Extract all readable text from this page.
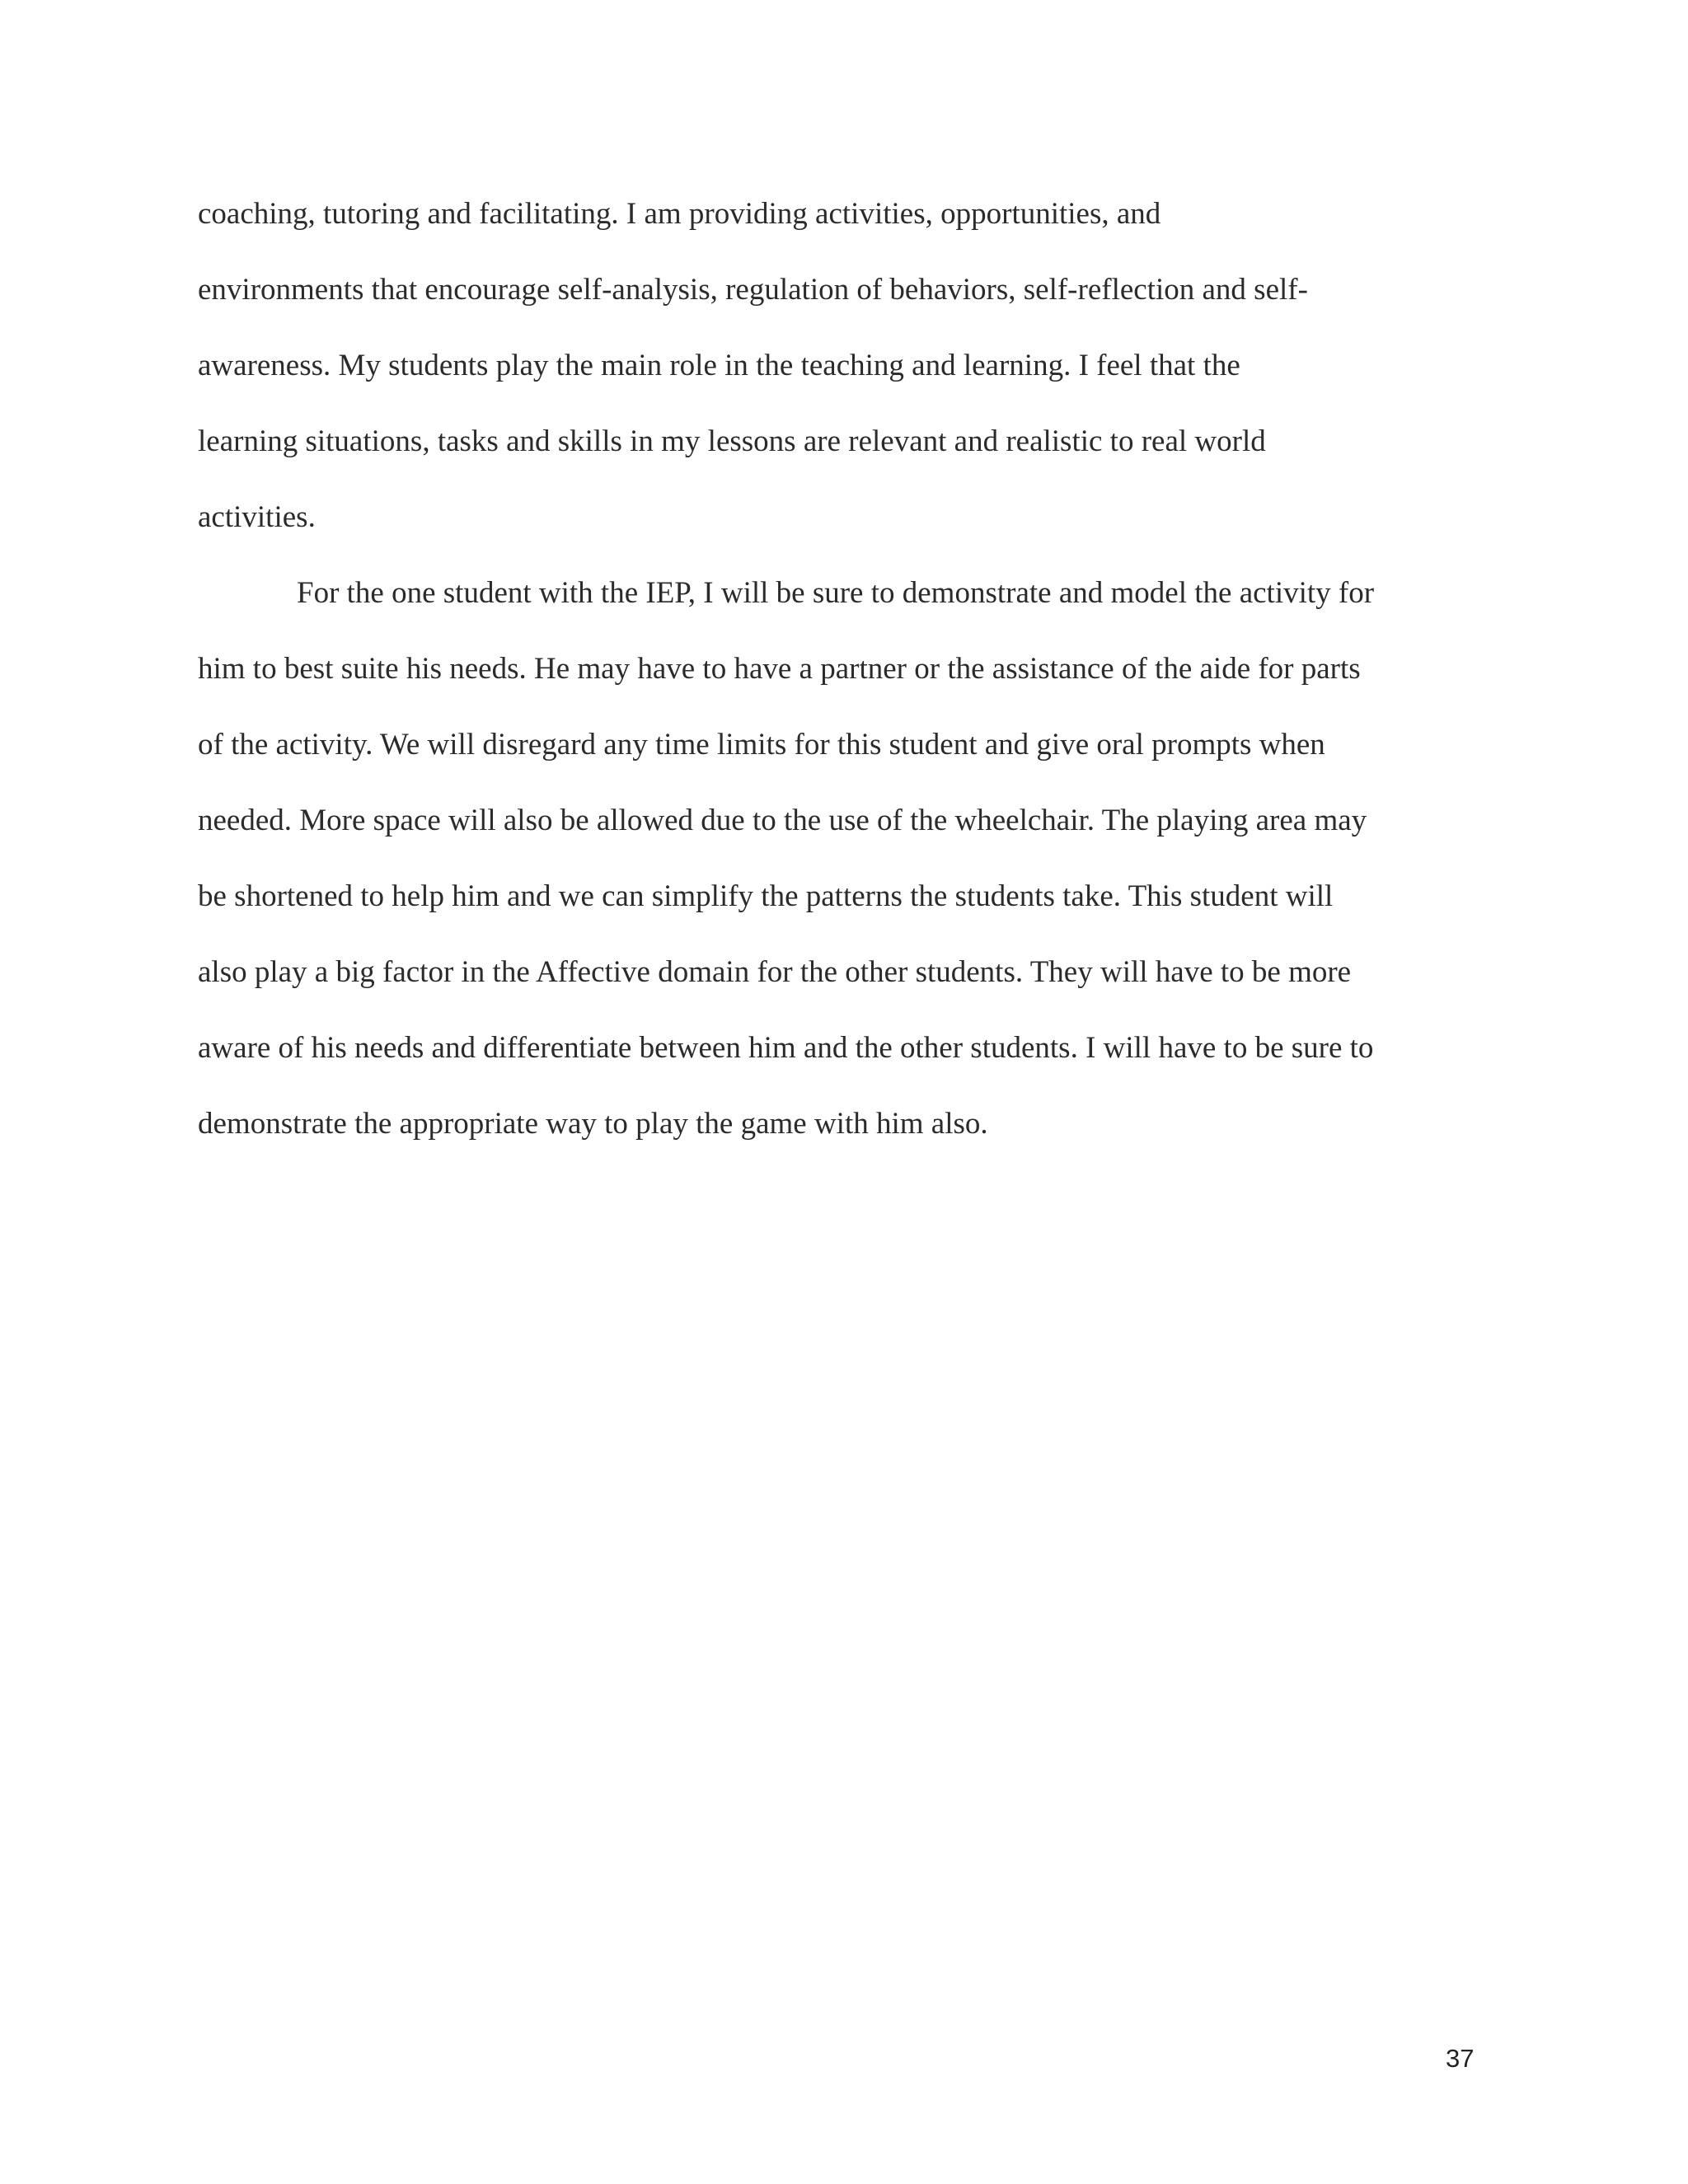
coaching, tutoring and facilitating. I am providing activities, opportunities, and
environments that encourage self-analysis, regulation of behaviors, self-reflection and self-
awareness. My students play the main role in the teaching and learning. I feel that the
learning situations, tasks and skills in my lessons are relevant and realistic to real world
activities.
For the one student with the IEP, I will be sure to demonstrate and model the activity for
him to best suite his needs. He may have to have a partner or the assistance of the aide for parts
of the activity. We will disregard any time limits for this student and give oral prompts when
needed. More space will also be allowed due to the use of the wheelchair. The playing area may
be shortened to help him and we can simplify the patterns the students take. This student will
also play a big factor in the Affective domain for the other students. They will have to be more
aware of his needs and differentiate between him and the other students. I will have to be sure to
demonstrate the appropriate way to play the game with him also.
37
